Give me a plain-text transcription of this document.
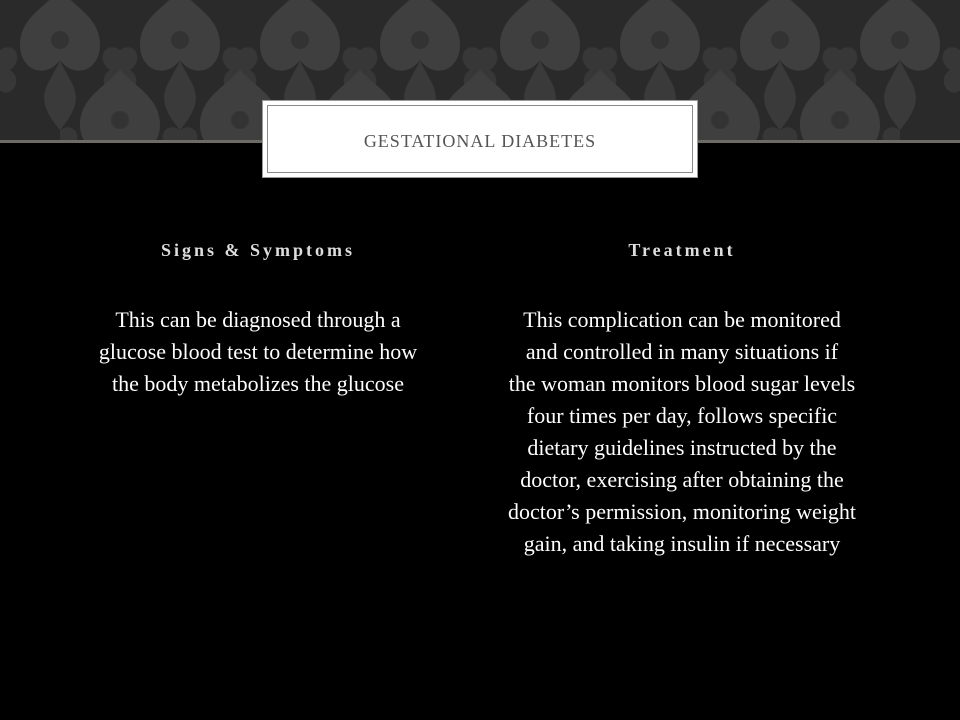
GESTATIONAL DIABETES
Signs & Symptoms
This can be diagnosed through a
glucose blood test to determine how
the body metabolizes the glucose
Treatment
This complication can be monitored
and controlled in many situations if
the woman monitors blood sugar levels
four times per day, follows specific
dietary guidelines instructed by the
doctor, exercising after obtaining the
doctor’s permission, monitoring weight
gain, and taking insulin if necessary
